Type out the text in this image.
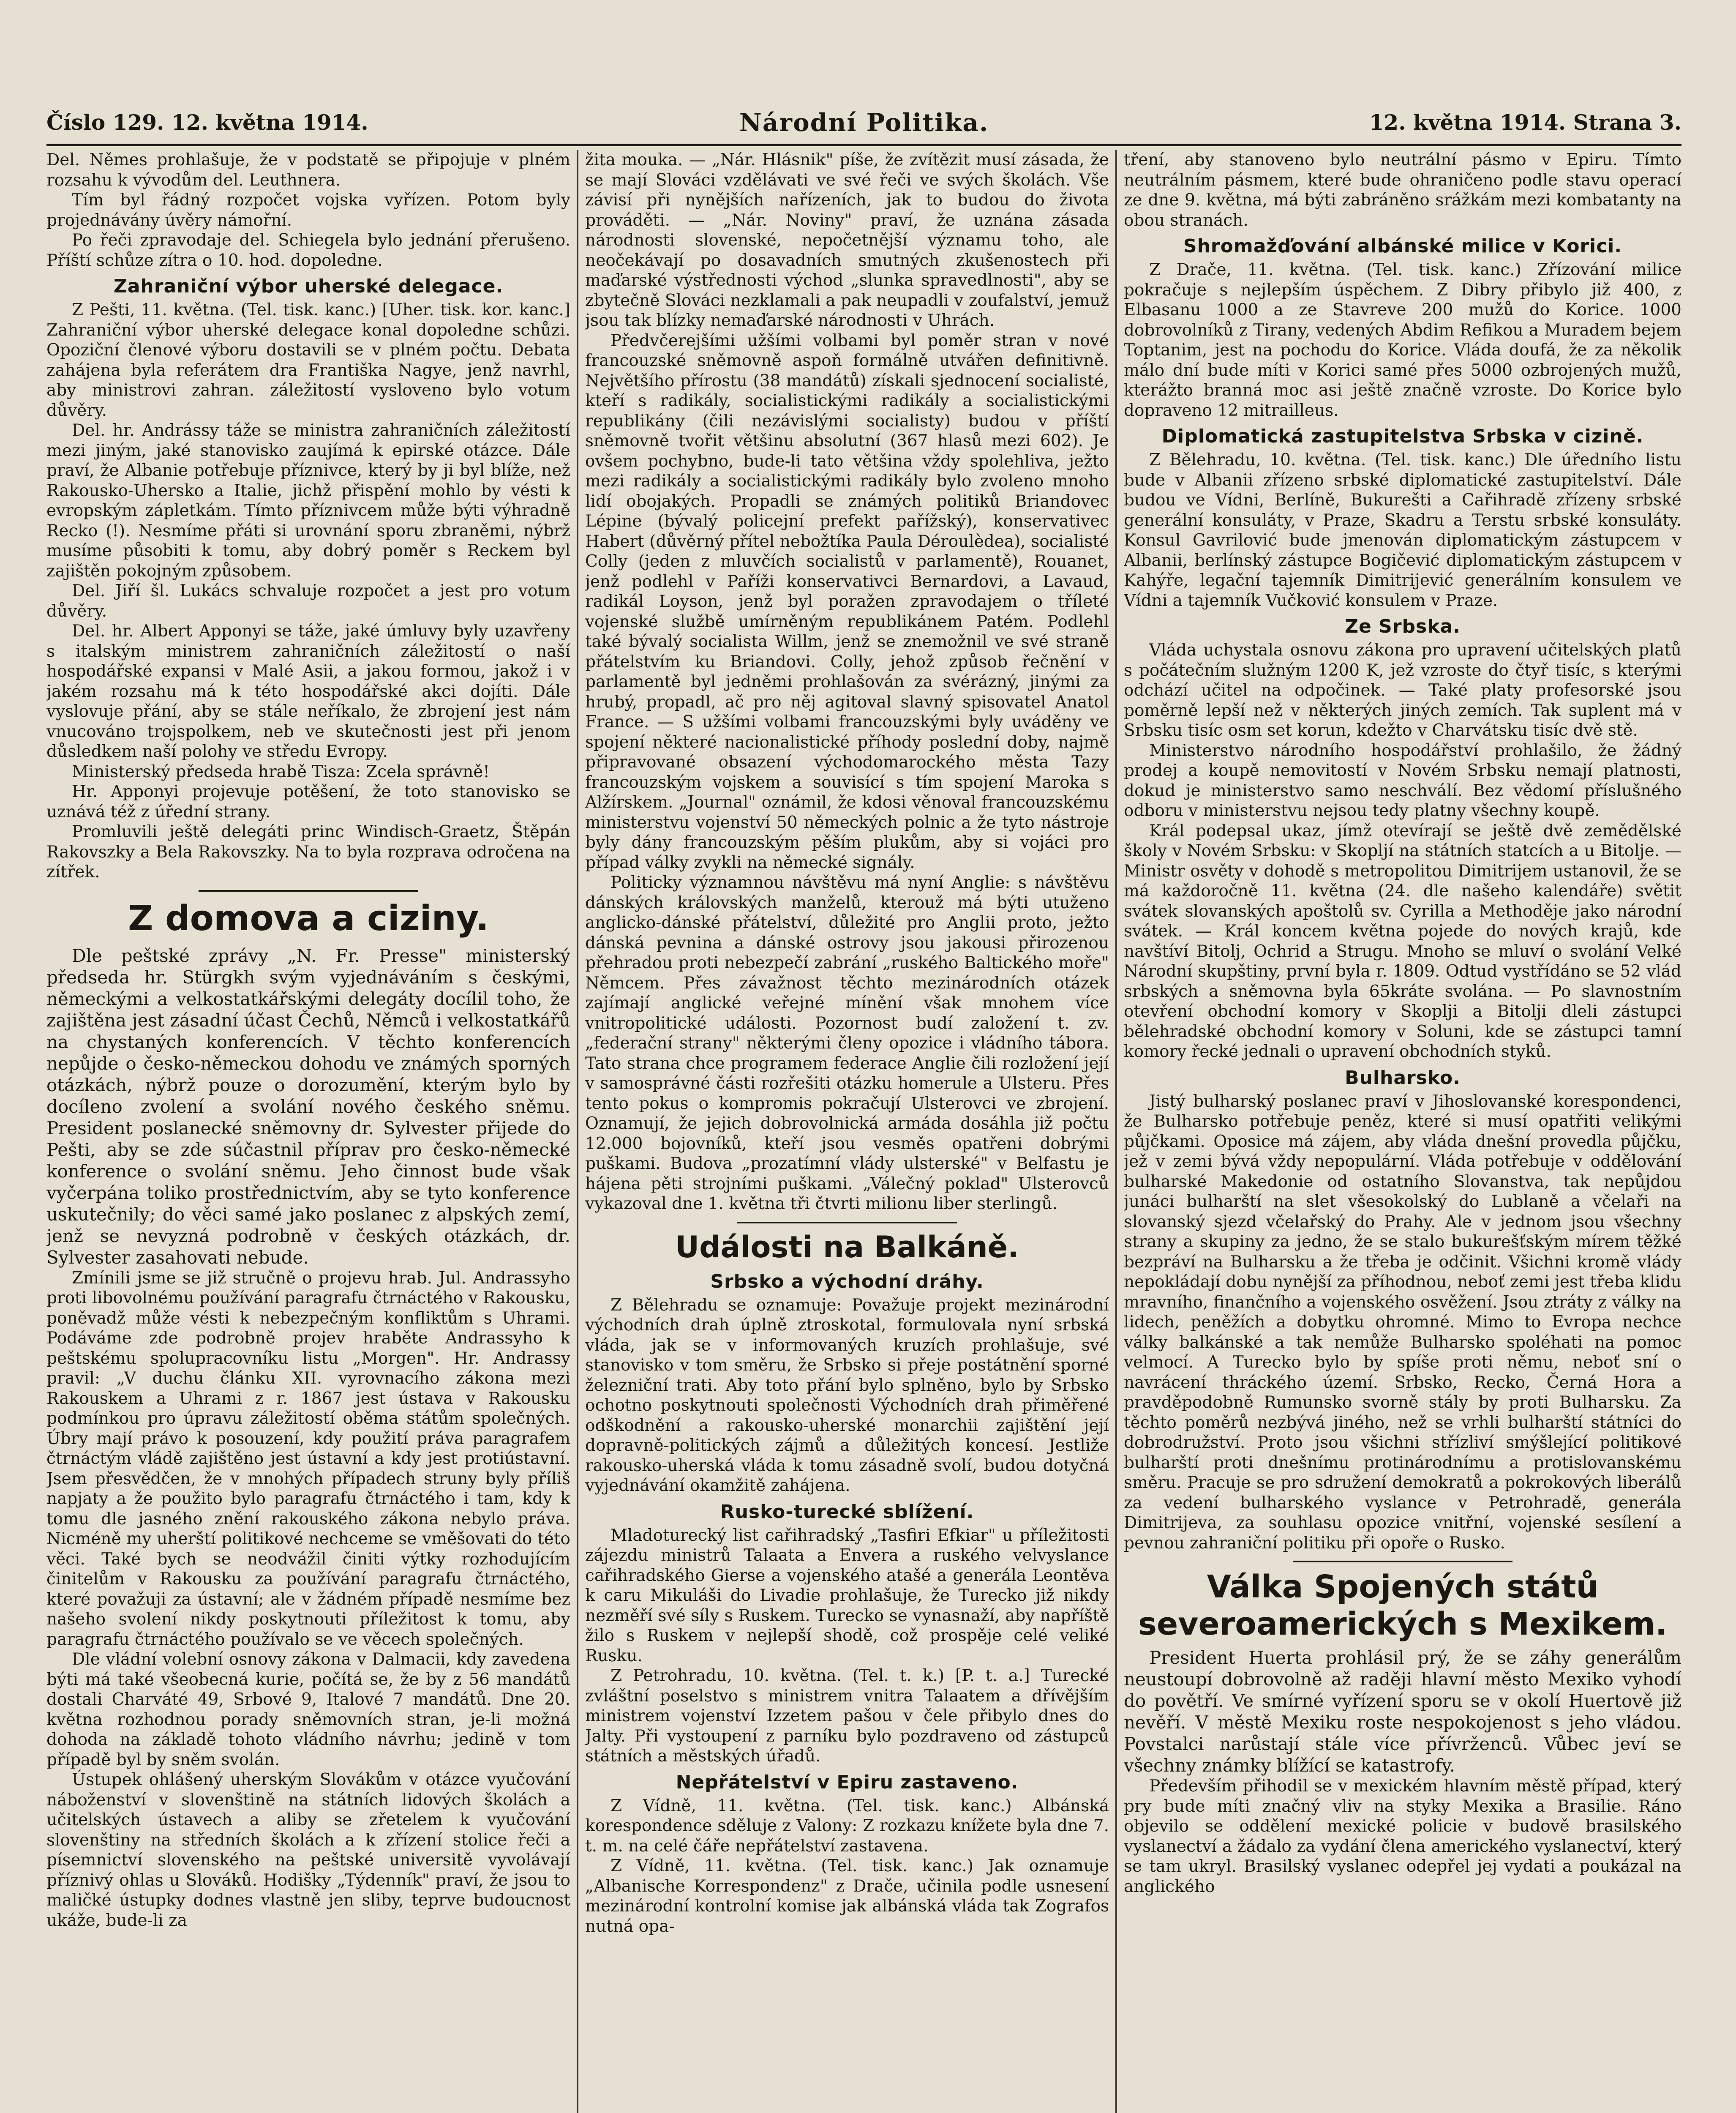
Číslo 129. 12. května 1914.	Národní Politika.	12. května 1914. Strana 3.

Del. Němes prohlašuje, že v podstatě se připojuje v plném rozsahu k vývodům del. Leuthnera.

Tím byl řádný rozpočet vojska vyřízen. Potom byly projednávány úvěry námořní.

Po řeči zpravodaje del. Schiegela bylo jednání přerušeno. Příští schůze zítra o 10. hod. dopoledne.

Zahraniční výbor uherské delegace.

Z Pešti, 11. května. (Tel. tisk. kanc.) [Uher. tisk. kor. kanc.] Zahraniční výbor uherské delegace konal dopoledne schůzi. Opoziční členové výboru dostavili se v plném počtu. Debata zahájena byla referátem dra Františka Nagye, jenž navrhl, aby ministrovi zahran. záležitostí vysloveno bylo votum důvěry.

Del. hr. Andrássy táže se ministra zahraničních záležitostí mezi jiným, jaké stanovisko zaujímá k epirské otázce. Dále praví, že Albanie potřebuje příznivce, který by ji byl blíže, než Rakousko-Uhersko a Italie, jichž přispění mohlo by vésti k evropským zápletkám. Tímto příznivcem může býti výhradně Recko (!). Nesmíme přáti si urovnání sporu zbraněmi, nýbrž musíme působiti k tomu, aby dobrý poměr s Reckem byl zajištěn pokojným způsobem.

Del. Jiří šl. Lukács schvaluje rozpočet a jest pro votum důvěry.

Del. hr. Albert Apponyi se táže, jaké úmluvy byly uzavřeny s italským ministrem zahraničních záležitostí o naší hospodářské expansi v Malé Asii, a jakou formou, jakož i v jakém rozsahu má k této hospodářské akci dojíti. Dále vyslovuje přání, aby se stále neříkalo, že zbrojení jest nám vnucováno trojspolkem, neb ve skutečnosti jest při jenom důsledkem naší polohy ve středu Evropy.

Ministerský předseda hrabě Tisza: Zcela správně!

Hr. Apponyi projevuje potěšení, že toto stanovisko se uznává též z úřední strany.

Promluvili ještě delegáti princ Windisch-Graetz, Štěpán Rakovszky a Bela Rakovszky. Na to byla rozprava odročena na zítřek.

Z domova a ciziny.

Dle peštské zprávy „N. Fr. Presse" ministerský předseda hr. Stürgkh svým vyjednáváním s českými, německými a velkostatkářskými delegáty docílil toho, že zajištěna jest zásadní účast Čechů, Němců i velkostatkářů na chystaných konferencích. V těchto konferencích nepůjde o česko-německou dohodu ve známých sporných otázkách, nýbrž pouze o dorozumění, kterým bylo by docíleno zvolení a svolání nového českého sněmu. President poslanecké sněmovny dr. Sylvester přijede do Pešti, aby se zde súčastnil příprav pro česko-německé konference o svolání sněmu. Jeho činnost bude však vyčerpána toliko prostřednictvím, aby se tyto konference uskutečnily; do věci samé jako poslanec z alpských zemí, jenž se nevyzná podrobně v českých otázkách, dr. Sylvester zasahovati nebude.

Zmínili jsme se již stručně o projevu hrab. Jul. Andrassyho proti libovolnému používání paragrafu čtrnáctého v Rakousku, poněvadž může vésti k nebezpečným konfliktům s Uhrami. Podáváme zde podrobně projev hraběte Andrassyho k peštskému spolupracovníku listu „Morgen". Hr. Andrassy pravil: „V duchu článku XII. vyrovnacího zákona mezi Rakouskem a Uhrami z r. 1867 jest ústava v Rakousku podmínkou pro úpravu záležitostí oběma státům společných. Úbry mají právo k posouzení, kdy použití práva paragrafem čtrnáctým vládě zajištěno jest ústavní a kdy jest protiústavní. Jsem přesvědčen, že v mnohých případech struny byly příliš napjaty a že použito bylo paragrafu čtrnáctého i tam, kdy k tomu dle jasného znění rakouského zákona nebylo práva. Nicméně my uherští politikové nechceme se vměšovati do této věci. Také bych se neodvážil činiti výtky rozhodujícím činitelům v Rakousku za používání paragrafu čtrnáctého, které považuji za ústavní; ale v žádném případě nesmíme bez našeho svolení nikdy poskytnouti příležitost k tomu, aby paragrafu čtrnáctého používalo se ve věcech společných.

Dle vládní volební osnovy zákona v Dalmacii, kdy zavedena býti má také všeobecná kurie, počítá se, že by z 56 mandátů dostali Charváté 49, Srbové 9, Italové 7 mandátů. Dne 20. května rozhodnou porady sněmovních stran, je-li možná dohoda na základě tohoto vládního návrhu; jedině v tom případě byl by sněm svolán.

Ústupek ohlášený uherským Slovákům v otázce vyučování náboženství v slovenštině na státních lidových školách a učitelských ústavech a aliby se zřetelem k vyučování slovenštiny na středních školách a k zřízení stolice řeči a písemnictví slovenského na peštské universitě vyvolávají příznivý ohlas u Slováků. Hodišky „Týdenník" praví, že jsou to maličké ústupky dodnes vlastně jen sliby, teprve budoucnost ukáže, bude-li za

žita mouka. — „Nár. Hlásnik" píše, že zvítězit musí zásada, že se mají Slováci vzdělávati ve své řeči ve svých školách. Vše závisí při nynějších nařízeních, jak to budou do života prováděti. — „Nár. Noviny" praví, že uznána zásada národnosti slovenské, nepočetnější významu toho, ale neočekávají po dosavadních smutných zkušenostech při maďarské výstřednosti východ „slunka spravedlnosti", aby se zbytečně Slováci nezklamali a pak neupadli v zoufalství, jemuž jsou tak blízky nemaďarské národnosti v Uhrách.

Předvčerejšími užšími volbami byl poměr stran v nové francouzské sněmovně aspoň formálně utvářen definitivně. Největšího přírostu (38 mandátů) získali sjednocení socialisté, kteří s radikály, socialistickými radikály a socialistickými republikány (čili nezávislými socialisty) budou v příští sněmovně tvořit většinu absolutní (367 hlasů mezi 602). Je ovšem pochybno, bude-li tato většina vždy spolehliva, ježto mezi radikály a socialistickými radikály bylo zvoleno mnoho lidí obojakých. Propadli se známých politiků Briandovec Lépine (bývalý policejní prefekt pařížský), konservativec Habert (důvěrný přítel nebožtíka Paula Déroulèdea), socialisté Colly (jeden z mluvčích socialistů v parlamentě), Rouanet, jenž podlehl v Paříži konservativci Bernardovi, a Lavaud, radikál Loyson, jenž byl poražen zpravodajem o tříleté vojenské službě umírněným republikánem Patém. Podlehl také bývalý socialista Willm, jenž se znemožnil ve své straně přátelstvím ku Briandovi. Colly, jehož způsob řečnění v parlamentě byl jedněmi prohlašován za svérázný, jinými za hrubý, propadl, ač pro něj agitoval slavný spisovatel Anatol France. — S užšími volbami francouzskými byly uváděny ve spojení některé nacionalistické příhody poslední doby, najmě připravované obsazení východomarockého města Tazy francouzským vojskem a souvisící s tím spojení Maroka s Alžírskem. „Journal" oznámil, že kdosi věnoval francouzskému ministerstvu vojenství 50 německých polnic a že tyto nástroje byly dány francouzským pěším plukům, aby si vojáci pro případ války zvykli na německé signály.

Politicky významnou návštěvu má nyní Anglie: s návštěvu dánských královských manželů, kterouž má býti utuženo anglicko-dánské přátelství, důležité pro Anglii proto, ježto dánská pevnina a dánské ostrovy jsou jakousi přirozenou přehradou proti nebezpečí zabrání „ruského Baltického moře" Němcem. Přes závažnost těchto mezinárodních otázek zajímají anglické veřejné mínění však mnohem více vnitropolitické události. Pozornost budí založení t. zv. „federační strany" některými členy opozice i vládního tábora. Tato strana chce programem federace Anglie čili rozložení její v samosprávné části rozřešiti otázku homerule a Ulsteru. Přes tento pokus o kompromis pokračují Ulsterovci ve zbrojení. Oznamují, že jejich dobrovolnická armáda dosáhla již počtu 12.000 bojovníků, kteří jsou vesměs opatřeni dobrými puškami. Budova „prozatímní vlády ulsterské" v Belfastu je hájena pěti strojními puškami. „Válečný poklad" Ulsterovců vykazoval dne 1. května tři čtvrti milionu liber sterlingů.

Události na Balkáně.
Srbsko a východní dráhy.

Z Bělehradu se oznamuje: Považuje projekt mezinárodní východních drah úplně ztroskotal, formulovala nyní srbská vláda, jak se v informovaných kruzích prohlašuje, své stanovisko v tom směru, že Srbsko si přeje postátnění sporné železniční trati. Aby toto přání bylo splněno, bylo by Srbsko ochotno poskytnouti společnosti Východních drah přiměřené odškodnění a rakousko-uherské monarchii zajištění její dopravně-politických zájmů a důležitých koncesí. Jestliže rakousko-uherská vláda k tomu zásadně svolí, budou dotyčná vyjednávání okamžitě zahájena.

Rusko-turecké sblížení.

Mladoturecký list cařihradský „Tasfiri Efkiar" u příležitosti zájezdu ministrů Talaata a Envera a ruského velvyslance cařihradského Gierse a vojenského atašé a generála Leontěva k caru Mikuláši do Livadie prohlašuje, že Turecko již nikdy nezměří své síly s Ruskem. Turecko se vynasnaží, aby napříště žilo s Ruskem v nejlepší shodě, což prospěje celé veliké Rusku.

Z Petrohradu, 10. května. (Tel. t. k.) [P. t. a.] Turecké zvláštní poselstvo s ministrem vnitra Talaatem a dřívějším ministrem vojenství Izzetem pašou v čele přibylo dnes do Jalty. Při vystoupení z parníku bylo pozdraveno od zástupců státních a městských úřadů.

Nepřátelství v Epiru zastaveno.

Z Vídně, 11. května. (Tel. tisk. kanc.) Albánská korespondence sděluje z Valony: Z rozkazu knížete byla dne 7. t. m. na celé čáře nepřátelství zastavena.

Z Vídně, 11. května. (Tel. tisk. kanc.) Jak oznamuje „Albanische Korrespondenz" z Drače, učinila podle usnesení mezinárodní kontrolní komise jak albánská vláda tak Zografos nutná opa-

tření, aby stanoveno bylo neutrální pásmo v Epiru. Tímto neutrálním pásmem, které bude ohraničeno podle stavu operací ze dne 9. května, má býti zabráněno srážkám mezi kombatanty na obou stranách.

Shromažďování albánské milice v Korici.

Z Drače, 11. května. (Tel. tisk. kanc.) Zřízování milice pokračuje s nejlepším úspěchem. Z Dibry přibylo již 400, z Elbasanu 1000 a ze Stavreve 200 mužů do Korice. 1000 dobrovolníků z Tirany, vedených Abdim Refikou a Muradem bejem Toptanim, jest na pochodu do Korice. Vláda doufá, že za několik málo dní bude míti v Korici samé přes 5000 ozbrojených mužů, kterážto branná moc asi ještě značně vzroste. Do Korice bylo dopraveno 12 mitrailleus.

Diplomatická zastupitelstva Srbska v cizině.

Z Bělehradu, 10. května. (Tel. tisk. kanc.) Dle úředního listu bude v Albanii zřízeno srbské diplomatické zastupitelství. Dále budou ve Vídni, Berlíně, Bukurešti a Cařihradě zřízeny srbské generální konsuláty, v Praze, Skadru a Terstu srbské konsuláty. Konsul Gavrilović bude jmenován diplomatickým zástupcem v Albanii, berlínský zástupce Bogičević diplomatickým zástupcem v Kahýře, legační tajemník Dimitrijević generálním konsulem ve Vídni a tajemník Vučković konsulem v Praze.

Ze Srbska.

Vláda uchystala osnovu zákona pro upravení učitelských platů s počátečním služným 1200 K, jež vzroste do čtyř tisíc, s kterými odchází učitel na odpočinek. — Také platy profesorské jsou poměrně lepší než v některých jiných zemích. Tak suplent má v Srbsku tisíc osm set korun, kdežto v Charvátsku tisíc dvě stě.

Ministerstvo národního hospodářství prohlašilo, že žádný prodej a koupě nemovitostí v Novém Srbsku nemají platnosti, dokud je ministerstvo samo neschválí. Bez vědomí příslušného odboru v ministerstvu nejsou tedy platny všechny koupě.

Král podepsal ukaz, jímž otevírají se ještě dvě zemědělské školy v Novém Srbsku: v Skopljí na státních statcích a u Bitolje. — Ministr osvěty v dohodě s metropolitou Dimitrijem ustanovil, že se má každoročně 11. května (24. dle našeho kalendáře) světit svátek slovanských apoštolů sv. Cyrilla a Methoděje jako národní svátek. — Král koncem května pojede do nových krajů, kde navštíví Bitolj, Ochrid a Strugu. Mnoho se mluví o svolání Velké Národní skupštiny, první byla r. 1809. Odtud vystřídáno se 52 vlád srbských a sněmovna byla 65kráte svolána. — Po slavnostním otevření obchodní komory v Skoplji a Bitolji dleli zástupci bělehradské obchodní komory v Soluni, kde se zástupci tamní komory řecké jednali o upravení obchodních styků.

Bulharsko.

Jistý bulharský poslanec praví v Jihoslovanské korespondenci, že Bulharsko potřebuje peněz, které si musí opatřiti velikými půjčkami. Oposice má zájem, aby vláda dnešní provedla půjčku, jež v zemi bývá vždy nepopulární. Vláda potřebuje v oddělování bulharské Makedonie od ostatního Slovanstva, tak nepůjdou junáci bulharští na slet všesokolský do Lublaně a včelaři na slovanský sjezd včelařský do Prahy. Ale v jednom jsou všechny strany a skupiny za jedno, že se stalo bukurešťským mírem těžké bezpráví na Bulharsku a že třeba je odčinit. Všichni kromě vlády nepokládají dobu nynější za příhodnou, neboť zemi jest třeba klidu mravního, finančního a vojenského osvěžení. Jsou ztráty z války na lidech, peněžích a dobytku ohromné. Mimo to Evropa nechce války balkánské a tak nemůže Bulharsko spoléhati na pomoc velmocí. A Turecko bylo by spíše proti němu, neboť sní o navrácení thráckého území. Srbsko, Recko, Černá Hora a pravděpodobně Rumunsko svorně stály by proti Bulharsku. Za těchto poměrů nezbývá jiného, než se vrhli bulharští státníci do dobrodružství. Proto jsou všichni střízliví smýšlející politikové bulharští proti dnešnímu protinárodnímu a protislovanskému směru. Pracuje se pro sdružení demokratů a pokrokových liberálů za vedení bulharského vyslance v Petrohradě, generála Dimitrijeva, za souhlasu opozice vnitřní, vojenské sesílení a pevnou zahraniční politiku při opoře o Rusko.

Válka Spojených států severoamerických s Mexikem.

President Huerta prohlásil prý, že se záhy generálům neustoupí dobrovolně až raději hlavní město Mexiko vyhodí do povětří. Ve smírné vyřízení sporu se v okolí Huertově již nevěří. V městě Mexiku roste nespokojenost s jeho vládou. Povstalci narůstají stále více přívrženců. Vůbec jeví se všechny známky blížící se katastrofy.

Především přihodil se v mexickém hlavním městě případ, který pry bude míti značný vliv na styky Mexika a Brasilie. Ráno objevilo se oddělení mexické policie v budově brasilského vyslanectví a žádalo za vydání člena amerického vyslanectví, který se tam ukryl. Brasilský vyslanec odepřel jej vydati a poukázal na anglického
